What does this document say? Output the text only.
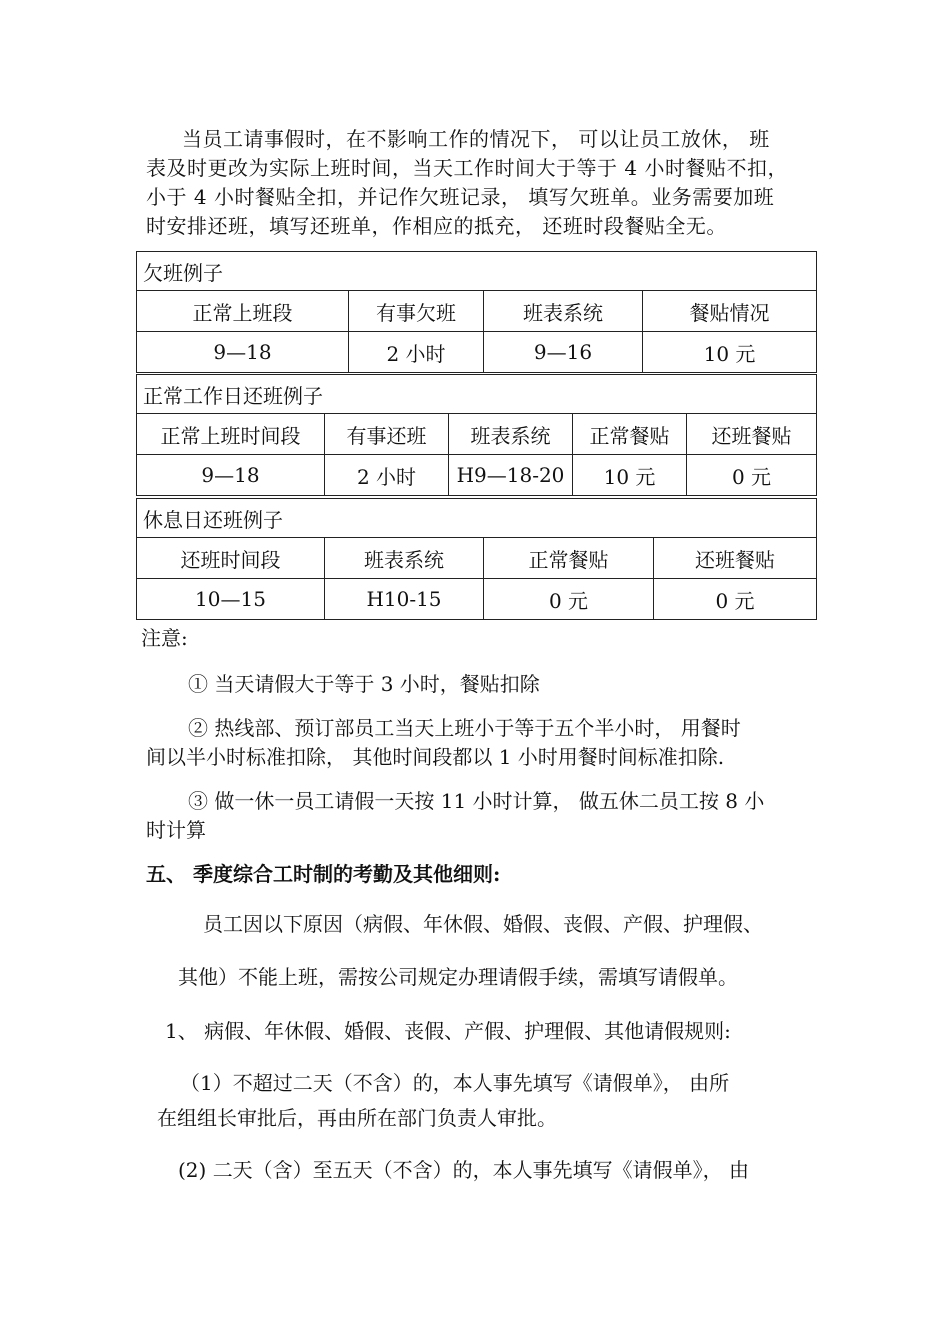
当员工请事假时，在不影响工作的情况下， 可以让员工放休， 班
表及时更改为实际上班时间，当天工作时间大于等于 4 小时餐贴不扣，
小于 4 小时餐贴全扣，并记作欠班记录， 填写欠班单。业务需要加班
时安排还班，填写还班单，作相应的抵充， 还班时段餐贴全无。
欠班例子			
正常上班段	有事欠班	班表系统	餐贴情况
9—18	2 小时	9—16	10 元
正常工作日还班例子				
正常上班时间段	有事还班	班表系统	正常餐贴	还班餐贴
9—18	2 小时	H9—18-20	10 元	0 元
休息日还班例子			
还班时间段	班表系统	正常餐贴	还班餐贴
10—15	H10-15	0 元	0 元
注意:
① 当天请假大于等于 3 小时，餐贴扣除
② 热线部、预订部员工当天上班小于等于五个半小时， 用餐时
间以半小时标准扣除， 其他时间段都以 1 小时用餐时间标准扣除.
③ 做一休一员工请假一天按 11 小时计算， 做五休二员工按 8 小
时计算
五、 季度综合工时制的考勤及其他细则:
员工因以下原因（病假、年休假、婚假、丧假、产假、护理假、
其他）不能上班，需按公司规定办理请假手续，需填写请假单。
1、 病假、年休假、婚假、丧假、产假、护理假、其他请假规则:
（1）不超过二天（不含）的，本人事先填写《请假单》， 由所
在组组长审批后，再由所在部门负责人审批。
(2) 二天（含）至五天（不含）的，本人事先填写《请假单》， 由
